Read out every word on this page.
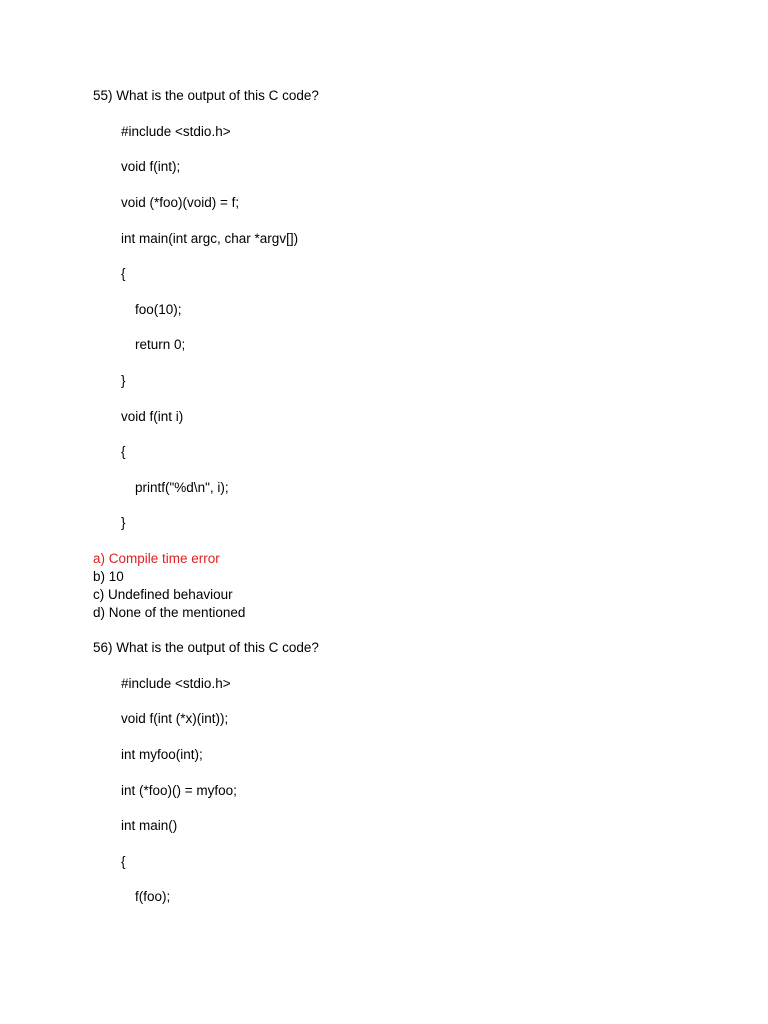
55) What is the output of this C code?
#include <stdio.h>
void f(int);
void (*foo)(void) = f;
int main(int argc, char *argv[])
{
foo(10);
return 0;
}
void f(int i)
{
printf("%d\n", i);
}
a) Compile time error
b) 10
c) Undefined behaviour
d) None of the mentioned
56) What is the output of this C code?
#include <stdio.h>
void f(int (*x)(int));
int myfoo(int);
int (*foo)() = myfoo;
int main()
{
f(foo);
